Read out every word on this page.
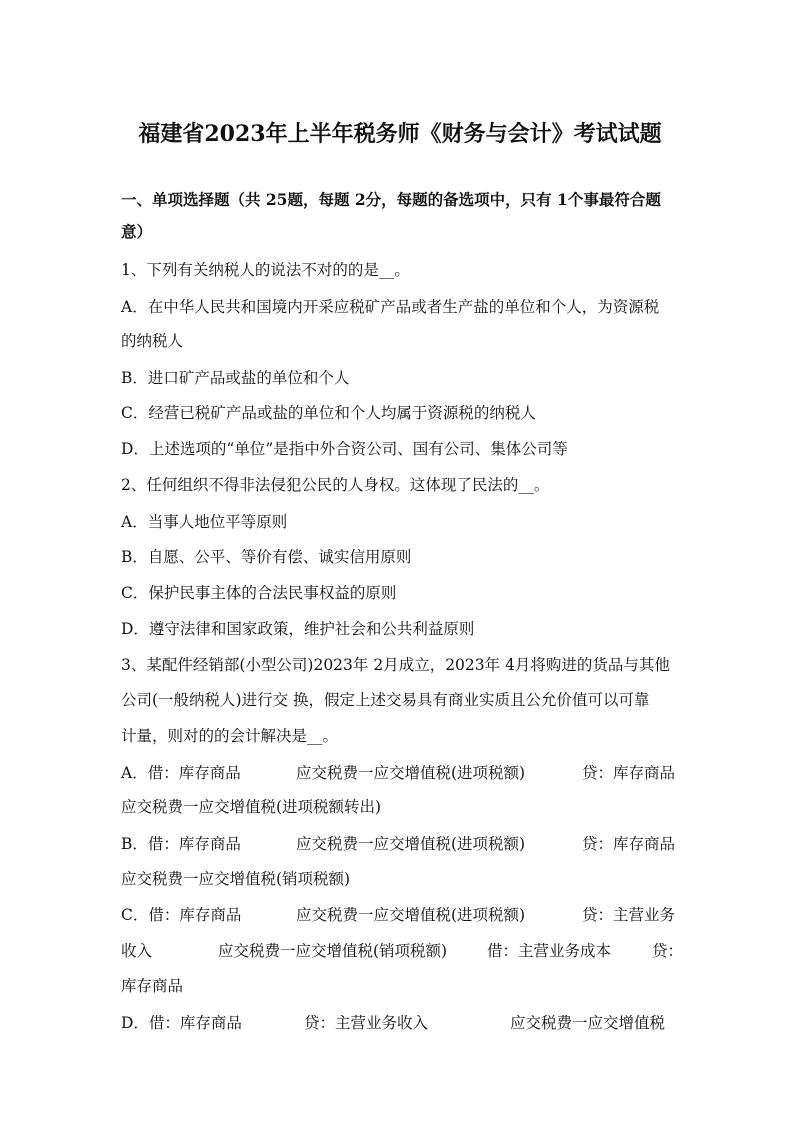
福建省2023年上半年税务师《财务与会计》考试试题
一、单项选择题（共 25题，每题 2分，每题的备选项中，只有 1个事最符合题
意）
1、下列有关纳税人的说法不对的的是__。
A．在中华人民共和国境内开采应税矿产品或者生产盐的单位和个人，为资源税
的纳税人
B．进口矿产品或盐的单位和个人
C．经营已税矿产品或盐的单位和个人均属于资源税的纳税人
D．上述选项的“单位”是指中外合资公司、国有公司、集体公司等
2、任何组织不得非法侵犯公民的人身权。这体现了民法的__。
A．当事人地位平等原则
B．自愿、公平、等价有偿、诚实信用原则
C．保护民事主体的合法民事权益的原则
D．遵守法律和国家政策，维护社会和公共利益原则
3、某配件经销部(小型公司)2023年 2月成立，2023年 4月将购进的货品与其他
公司(一般纳税人)进行交 换，假定上述交易具有商业实质且公允价值可以可靠
计量，则对的的会计解决是__。
A．借：库存商品	应交税费一应交增值税(进项税额)	贷：库存商品
应交税费一应交增值税(进项税额转出)
B．借：库存商品	应交税费一应交增值税(进项税额)	贷：库存商品
应交税费一应交增值税(销项税额)
C．借：库存商品	应交税费一应交增值税(进项税额)	贷：主营业务
收入	应交税费一应交增值税(销项税额)	借：主营业务成本	贷：
库存商品
D．借：库存商品	贷：主营业务收入	应交税费一应交增值税
